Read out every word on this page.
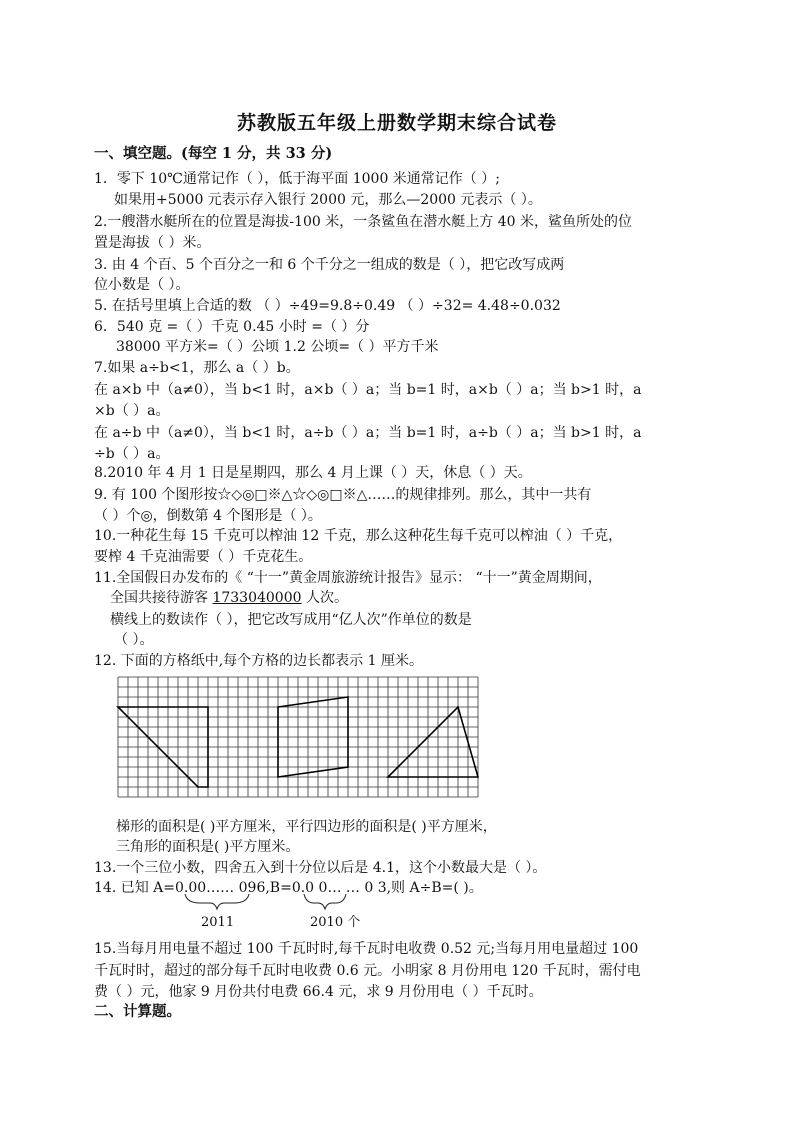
苏教版五年级上册数学期末综合试卷
一、填空题。(每空 1 分，共 33 分)
1．零下 10℃通常记作（ ），低于海平面 1000 米通常记作（ ）;
如果用+5000 元表示存入银行 2000 元，那么—2000 元表示（ ）。
2.一艘潜水艇所在的位置是海拔-100 米，一条鲨鱼在潜水艇上方 40 米，鲨鱼所处的位
置是海拔（ ）米。
3. 由 4 个百、5 个百分之一和 6 个千分之一组成的数是（ ），把它改写成两
位小数是（ ）。
5. 在括号里填上合适的数 （ ）÷49=9.8÷0.49 （ ）÷32= 4.48÷0.032
6．540 克 =（ ）千克 0.45 小时 =（ ）分
38000 平方米=（ ）公顷 1.2 公顷=（ ）平方千米
7.如果 a÷b<1，那么 a（ ）b。
在 a×b 中（a≠0），当 b<1 时，a×b（ ）a；当 b=1 时，a×b（ ）a；当 b>1 时，a
×b（ ）a。
在 a÷b 中（a≠0），当 b<1 时，a÷b（ ）a；当 b=1 时，a÷b（ ）a；当 b>1 时，a
÷b（ ）a。
8.2010 年 4 月 1 日是星期四，那么 4 月上课（ ）天，休息（ ）天。
9. 有 100 个图形按☆◇◎□※△☆◇◎□※△……的规律排列。那么，其中一共有
（ ）个◎，倒数第 4 个图形是（ ）。
10.一种花生每 15 千克可以榨油 12 千克，那么这种花生每千克可以榨油（ ）千克，
要榨 4 千克油需要（ ）千克花生。
11.全国假日办发布的《 “十一”黄金周旅游统计报告》显示： “十一”黄金周期间，
全国共接待游客 1733040000 人次。
横线上的数读作（ ），把它改写成用“亿人次”作单位的数是
（ ）。
12. 下面的方格纸中,每个方格的边长都表示 1 厘米。
梯形的面积是( )平方厘米，平行四边形的面积是( )平方厘米，
三角形的面积是( )平方厘米。
13.一个三位小数，四舍五入到十分位以后是 4.1，这个小数最大是（ ）。
14. 已知 A=0.00…… 096,B=0.0 0… … 0 3,则 A÷B=( )。
2011	2010 个
15.当每月用电量不超过 100 千瓦时时,每千瓦时电收费 0.52 元;当每月用电量超过 100
千瓦时时，超过的部分每千瓦时电收费 0.6 元。小明家 8 月份用电 120 千瓦时，需付电
费（ ）元，他家 9 月份共付电费 66.4 元，求 9 月份用电（ ）千瓦时。
二、计算题。
